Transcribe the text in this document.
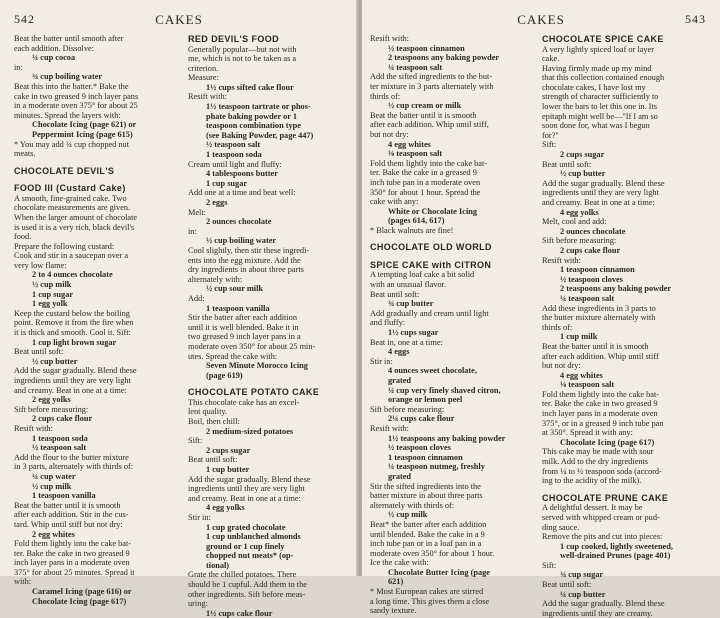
542	CAKES

Beat the batter until smooth after

each addition. Dissolve:

¼ cup cocoa

in:

¾ cup boiling water

Beat this into the batter.* Bake the

cake in two greased 9 inch layer pans

in a moderate oven 375° for about 25

minutes. Spread the layers with:

Chocolate Icing (page 621) or

Peppermint Icing (page 615)

* You may add ¾ cup chopped nut

meats.

CHOCOLATE DEVIL'S

FOOD III (Custard Cake)

A smooth, fine-grained cake. Two

chocolate measurements are given.

When the larger amount of chocolate

is used it is a very rich, black devil's

food.

Prepare the following custard:

Cook and stir in a saucepan over a

very low flame:

2 to 4 ounces chocolate

½ cup milk

1 cup sugar

1 egg yolk

Keep the custard below the boiling

point. Remove it from the fire when

it is thick and smooth. Cool it. Sift:

1 cup light brown sugar

Beat until soft:

½ cup butter

Add the sugar gradually. Blend these

ingredients until they are very light

and creamy. Beat in one at a time:

2 egg yolks

Sift before measuring:

2 cups cake flour

Resift with:

1 teaspoon soda

½ teaspoon salt

Add the flour to the butter mixture

in 3 parts, alternately with thirds of:

¼ cup water

½ cup milk

1 teaspoon vanilla

Beat the batter until it is smooth

after each addition. Stir in the cus-

tard. Whip until stiff but not dry:

2 egg whites

Fold them lightly into the cake bat-

ter. Bake the cake in two greased 9

inch layer pans in a moderate oven

375° for about 25 minutes. Spread it

with:

Caramel Icing (page 616) or

Chocolate Icing (page 617)

RED DEVIL'S FOOD

Generally popular—but not with

me, which is not to be taken as a

criterion.

Measure:

1½ cups sifted cake flour

Resift with:

1½ teaspoon tartrate or phos-

phate baking powder or 1

teaspoon combination type

(see Baking Powder, page 447)

½ teaspoon salt

1 teaspoon soda

Cream until light and fluffy:

4 tablespoons butter

1 cup sugar

Add one at a time and beat well:

2 eggs

Melt:

2 ounces chocolate

in:

½ cup boiling water

Cool slightly, then stir these ingredi-

ents into the egg mixture. Add the

dry ingredients in about three parts

alternately with:

½ cup sour milk

Add:

1 teaspoon vanilla

Stir the batter after each addition

until it is well blended. Bake it in

two greased 9 inch layer pans in a

moderate oven 350° for about 25 min-

utes. Spread the cake with:

Seven Minute Morocco Icing

(page 619)

CHOCOLATE POTATO CAKE

This chocolate cake has an excel-

lent quality.

Boil, then chill:

2 medium-sized potatoes

Sift:

2 cups sugar

Beat until soft:

1 cup butter

Add the sugar gradually. Blend these

ingredients until they are very light

and creamy. Beat in one at a time:

4 egg yolks

Stir in:

1 cup grated chocolate

1 cup unblanched almonds

ground or 1 cup finely

chopped nut meats* (op-

tional)

Grate the chilled potatoes. There

should be 1 cupful. Add them to the

other ingredients. Sift before meas-

uring:

1½ cups cake flour

CAKES	543

Resift with:

½ teaspoon cinnamon

2 teaspoons any baking powder

¼ teaspoon salt

Add the sifted ingredients to the but-

ter mixture in 3 parts alternately with

thirds of:

½ cup cream or milk

Beat the batter until it is smooth

after each addition. Whip until stiff,

but not dry:

4 egg whites

⅛ teaspoon salt

Fold them lightly into the cake bat-

ter. Bake the cake in a greased 9

inch tube pan in a moderate oven

350° for about 1 hour. Spread the

cake with any:

White or Chocolate Icing

(pages 614, 617)

* Black walnuts are fine!

CHOCOLATE OLD WORLD

SPICE CAKE with CITRON

A tempting loaf cake a bit solid

with an unusual flavor.

Beat until soft:

¾ cup butter

Add gradually and cream until light

and fluffy:

1½ cups sugar

Beat in, one at a time:

4 eggs

Stir in:

4 ounces sweet chocolate,

grated

¼ cup very finely shaved citron,

orange or lemon peel

Sift before measuring:

2¼ cups cake flour

Resift with:

1½ teaspoons any baking powder

½ teaspoon cloves

1 teaspoon cinnamon

¼ teaspoon nutmeg, freshly

grated

Stir the sifted ingredients into the

batter mixture in about three parts

alternately with thirds of:

½ cup milk

Beat* the batter after each addition

until blended. Bake the cake in a 9

inch tube pan or in a loaf pan in a

moderate oven 350° for about 1 hour.

Ice the cake with:

Chocolate Butter Icing (page

621)

* Most European cakes are stirred

a long time. This gives them a close

sandy texture.

CHOCOLATE SPICE CAKE

A very lightly spiced loaf or layer

cake.

Having firmly made up my mind

that this collection contained enough

chocolate cakes, I have lost my

strength of character sufficiently to

lower the bars to let this one in. Its

epitaph might well be—"If I am so

soon done for, what was I begun

for?"

Sift:

2 cups sugar

Beat until soft:

½ cup butter

Add the sugar gradually. Blend these

ingredients until they are very light

and creamy. Beat in one at a time:

4 egg yolks

Melt, cool and add:

2 ounces chocolate

Sift before measuring:

2 cups cake flour

Resift with:

1 teaspoon cinnamon

½ teaspoon cloves

2 teaspoons any baking powder

¼ teaspoon salt

Add these ingredients in 3 parts to

the butter mixture alternately with

thirds of:

1 cup milk

Beat the batter until it is smooth

after each addition. Whip until stiff

but not dry:

4 egg whites

⅛ teaspoon salt

Fold them lightly into the cake bat-

ter. Bake the cake in two greased 9

inch layer pans in a moderate oven

375°, or in a greased 9 inch tube pan

at 350°. Spread it with any:

Chocolate Icing (page 617)

This cake may be made with sour

milk. Add to the dry ingredients

from ¼ to ½ teaspoon soda (accord-

ing to the acidity of the milk).

CHOCOLATE PRUNE CAKE

A delightful dessert. It may be

served with whipped cream or pud-

ding sauce.

Remove the pits and cut into pieces:

1 cup cooked, lightly sweetened,

well-drained Prunes (page 401)

Sift:

¾ cup sugar

Beat until soft:

¼ cup butter

Add the sugar gradually. Blend these

ingredients until they are creamy.
